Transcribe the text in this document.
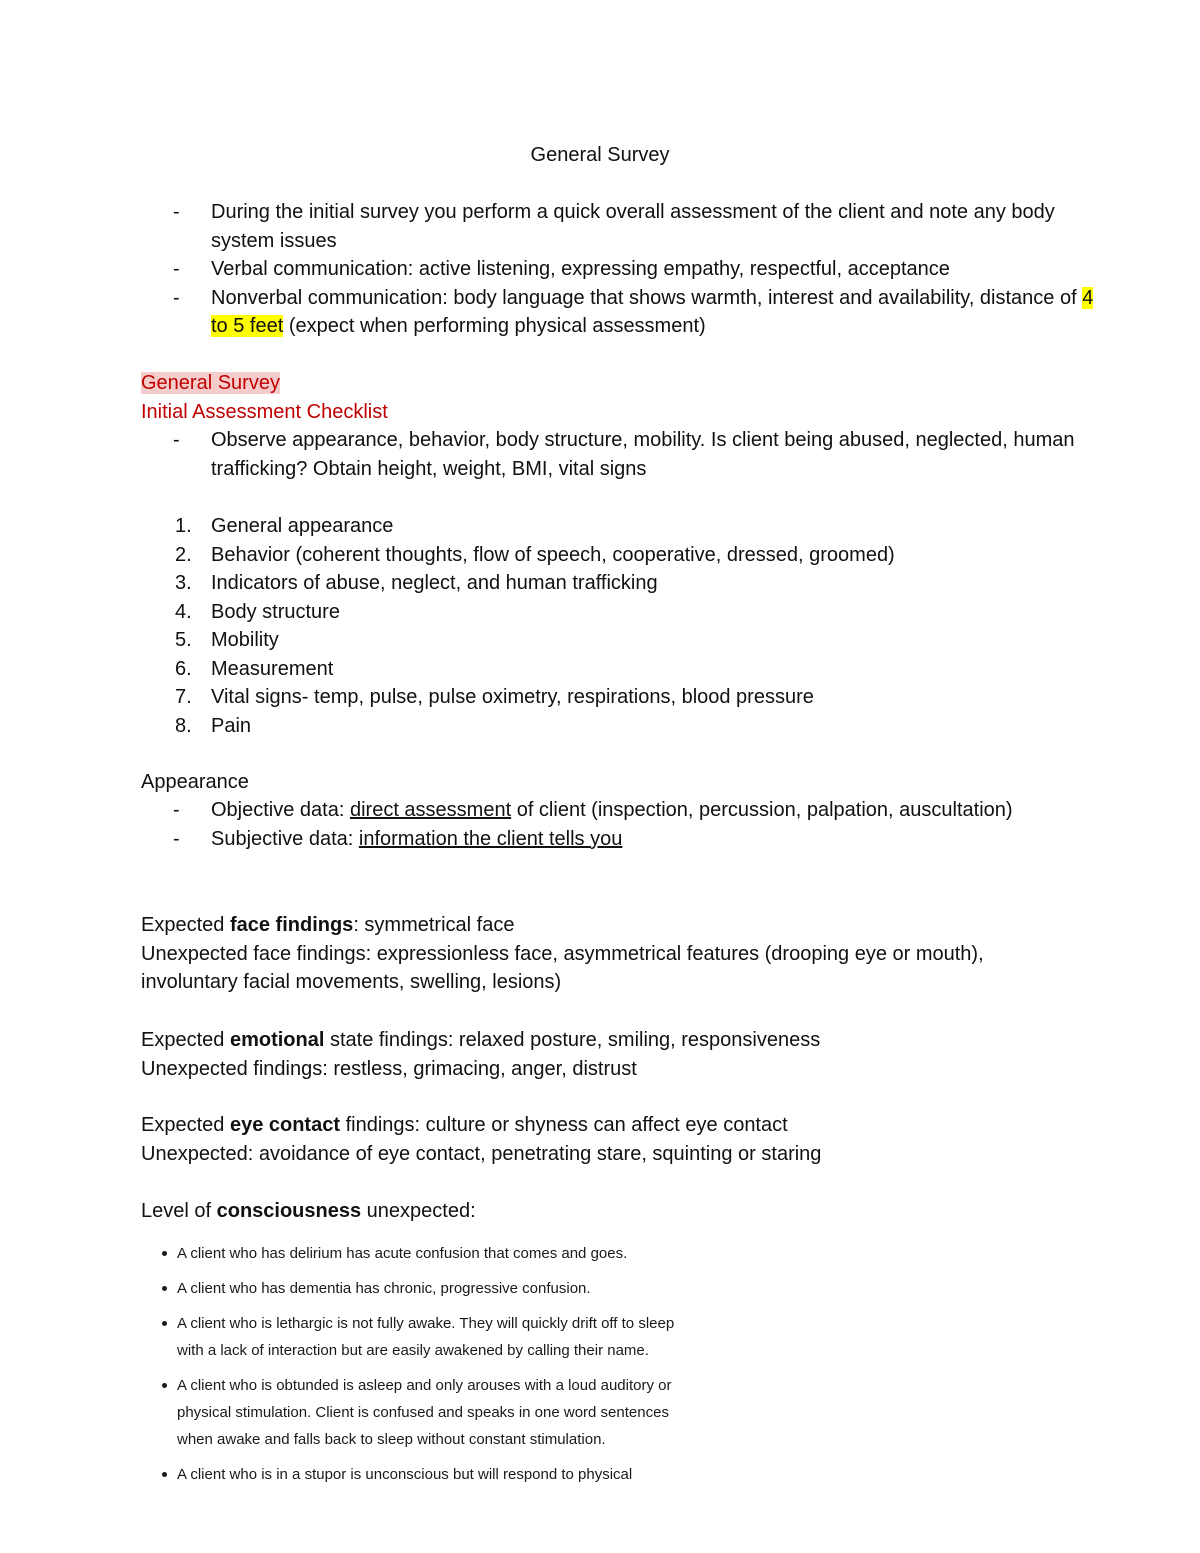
General Survey
- During the initial survey you perform a quick overall assessment of the client and note any body system issues
- Verbal communication: active listening, expressing empathy, respectful, acceptance
- Nonverbal communication: body language that shows warmth, interest and availability, distance of 4 to 5 feet (expect when performing physical assessment)
General Survey
Initial Assessment Checklist
- Observe appearance, behavior, body structure, mobility. Is client being abused, neglected, human trafficking? Obtain height, weight, BMI, vital signs
1. General appearance
2. Behavior (coherent thoughts, flow of speech, cooperative, dressed, groomed)
3. Indicators of abuse, neglect, and human trafficking
4. Body structure
5. Mobility
6. Measurement
7. Vital signs- temp, pulse, pulse oximetry, respirations, blood pressure
8. Pain

Appearance

- Objective data: direct assessment of client (inspection, percussion, palpation, auscultation)
- Subjective data: information the client tells you

Expected face findings: symmetrical face

Unexpected face findings: expressionless face, asymmetrical features (drooping eye or mouth), involuntary facial movements, swelling, lesions)

Expected emotional state findings: relaxed posture, smiling, responsiveness

Unexpected findings: restless, grimacing, anger, distrust

Expected eye contact findings: culture or shyness can affect eye contact

Unexpected: avoidance of eye contact, penetrating stare, squinting or staring

Level of consciousness unexpected:

A client who has delirium has acute confusion that comes and goes.
A client who has dementia has chronic, progressive confusion.
A client who is lethargic is not fully awake. They will quickly drift off to sleep with a lack of interaction but are easily awakened by calling their name.
A client who is obtunded is asleep and only arouses with a loud auditory or physical stimulation. Client is confused and speaks in one word sentences when awake and falls back to sleep without constant stimulation.
A client who is in a stupor is unconscious but will respond to physical
